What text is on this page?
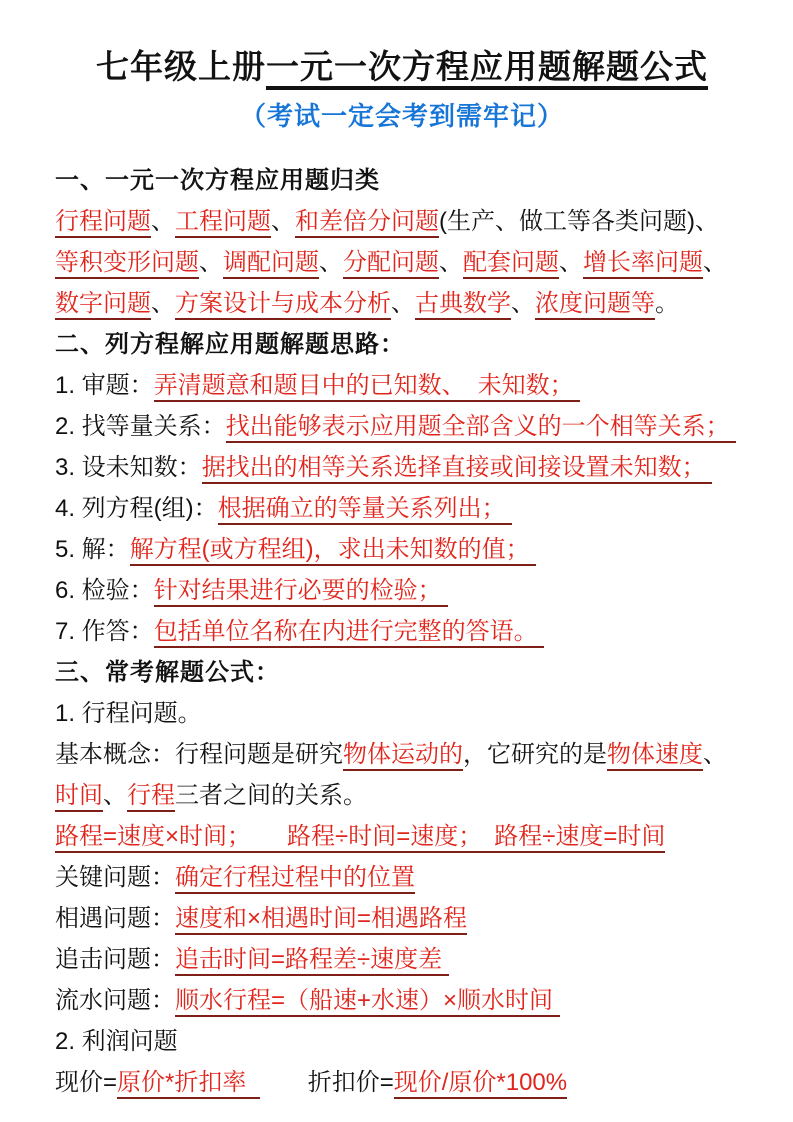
七年级上册一元一次方程应用题解题公式
（考试一定会考到需牢记）
一、一元一次方程应用题归类
行程问题、工程问题、和差倍分问题(生产、做工等各类问题)、
等积变形问题、调配问题、分配问题、配套问题、增长率问题、
数字问题、方案设计与成本分析、古典数学、浓度问题等。
二、列方程解应用题解题思路：
1. 审题：弄清题意和题目中的已知数、　未知数；
2. 找等量关系：找出能够表示应用题全部含义的一个相等关系；
3. 设未知数：据找出的相等关系选择直接或间接设置未知数；
4. 列方程(组)：根据确立的等量关系列出；
5. 解：解方程(或方程组)，求出未知数的值；
6. 检验：针对结果进行必要的检验；
7. 作答：包括单位名称在内进行完整的答语。
三、常考解题公式：
1. 行程问题。
基本概念：行程问题是研究物体运动的，它研究的是物体速度、
时间、行程三者之间的关系。
路程=速度×时间；　　路程÷时间=速度；　路程÷速度=时间
关键问题：确定行程过程中的位置
相遇问题：速度和×相遇时间=相遇路程
追击问题：追击时间=路程差÷速度差
流水问题：顺水行程=（船速+水速）×顺水时间
2. 利润问题
现价=原价*折扣率  　　折扣价=现价/原价*100%
